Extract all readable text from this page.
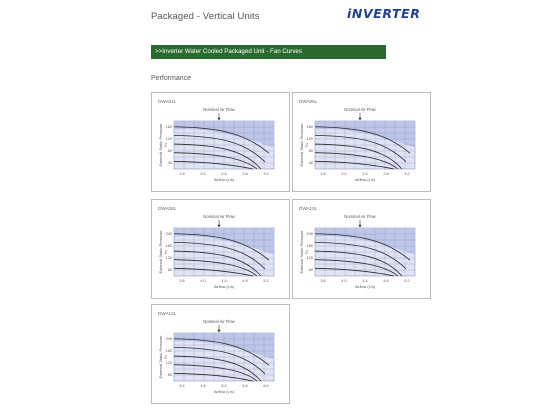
Packaged - Vertical Units	iNVERTER
>>Inverter Water Cooled Packaged Unit - Fan Curves
Performance
DWA04L
Nominal Air Flow
160
120
80
40
1.6	2.0	2.4	2.8	3.2
Airflow (L/s)
External Static Pressure Pa
DWA06L
Nominal Air Flow
160
120
80
40
1.6	2.0	2.4	2.8	3.2
Airflow (L/s)
External Static Pressure Pa
DWA08L
Nominal Air Flow
240
180
120
60
3.6	4.0	4.4	4.8	5.2
Airflow (L/s)
External Static Pressure Pa
DWA10L
Nominal Air Flow
240
180
120
60
3.6	4.0	4.4	4.8	5.2
Airflow (L/s)
External Static Pressure Pa
DWA12L
Nominal Air Flow
240
180
120
60
4.4	4.8	5.2	5.6	6.0
Airflow (L/s)
External Static Pressure Pa
